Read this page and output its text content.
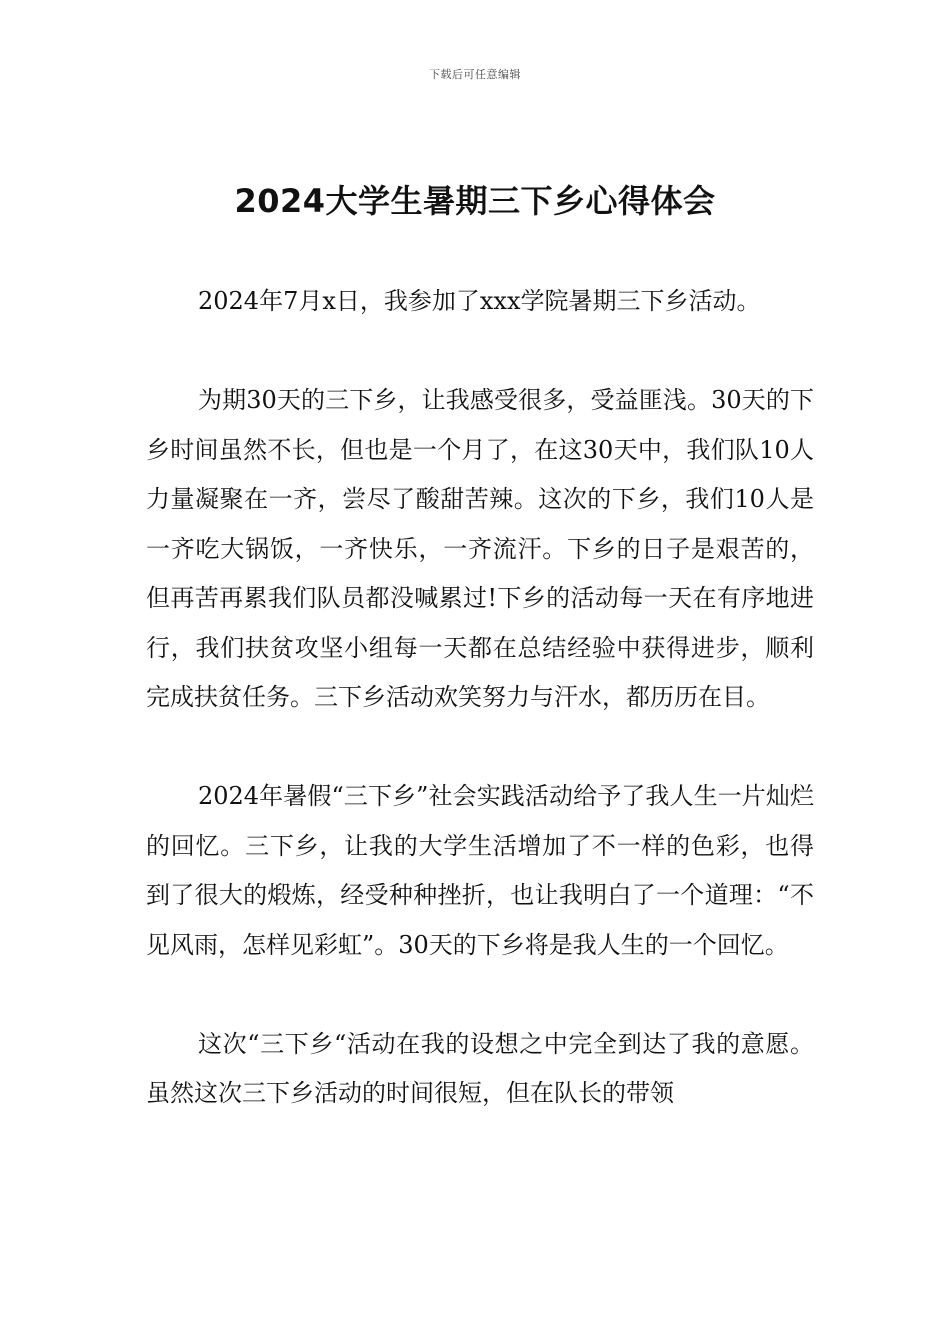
下载后可任意编辑
2024大学生暑期三下乡心得体会

2024年7月x日，我参加了xxx学院暑期三下乡活动。

为期30天的三下乡，让我感受很多，受益匪浅。30天的下乡时间虽然不长，但也是一个月了，在这30天中，我们队10人力量凝聚在一齐，尝尽了酸甜苦辣。这次的下乡，我们10人是一齐吃大锅饭，一齐快乐，一齐流汗。下乡的日子是艰苦的，但再苦再累我们队员都没喊累过!下乡的活动每一天在有序地进行，我们扶贫攻坚小组每一天都在总结经验中获得进步，顺利完成扶贫任务。三下乡活动欢笑努力与汗水，都历历在目。

2024年暑假“三下乡”社会实践活动给予了我人生一片灿烂的回忆。三下乡，让我的大学生活增加了不一样的色彩，也得到了很大的煅炼，经受种种挫折，也让我明白了一个道理：“不见风雨，怎样见彩虹”。30天的下乡将是我人生的一个回忆。

这次“三下乡“活动在我的设想之中完全到达了我的意愿。虽然这次三下乡活动的时间很短，但在队长的带领
